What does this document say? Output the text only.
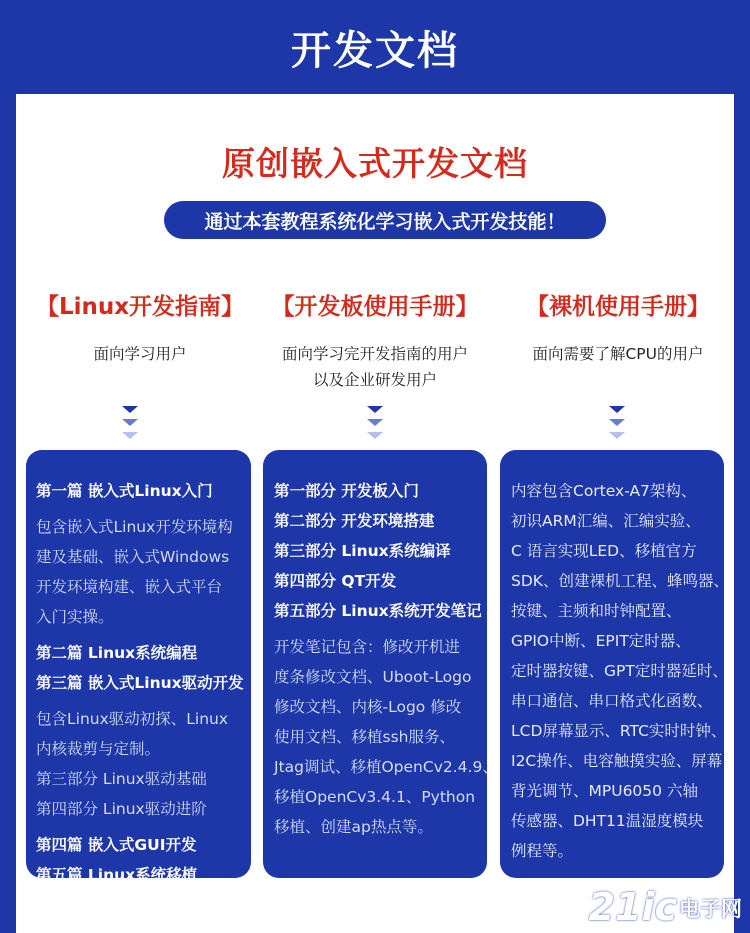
开发文档
原创嵌入式开发文档
通过本套教程系统化学习嵌入式开发技能！
【Linux开发指南】
面向学习用户
第一篇 嵌入式Linux入门
包含嵌入式Linux开发环境构
建及基础、嵌入式Windows
开发环境构建、嵌入式平台
入门实操。
第二篇 Linux系统编程
第三篇 嵌入式Linux驱动开发
包含Linux驱动初探、Linux
内核裁剪与定制。
第三部分 Linux驱动基础
第四部分 Linux驱动进阶
第四篇 嵌入式GUI开发
第五篇 Linux系统移植
第六篇 Linux文件系统构建
【开发板使用手册】
面向学习完开发指南的用户
以及企业研发用户
第一部分 开发板入门
第二部分 开发环境搭建
第三部分 Linux系统编译
第四部分 QT开发
第五部分 Linux系统开发笔记
开发笔记包含：修改开机进
度条修改文档、Uboot-Logo
修改文档、内核-Logo 修改
使用文档、移植ssh服务、
Jtag调试、移植OpenCv2.4.9、
移植OpenCv3.4.1、Python
移植、创建ap热点等。
【裸机使用手册】
面向需要了解CPU的用户
内容包含Cortex-A7架构、
初识ARM汇编、汇编实验、
C 语言实现LED、移植官方
SDK、创建裸机工程、蜂鸣器、
按键、主频和时钟配置、
GPIO中断、EPIT定时器、
定时器按键、GPT定时器延时、
串口通信、串口格式化函数、
LCD屏幕显示、RTC实时时钟、
I2C操作、电容触摸实验、屏幕
背光调节、MPU6050 六轴
传感器、DHT11温湿度模块
例程等。
21ic 电子网
